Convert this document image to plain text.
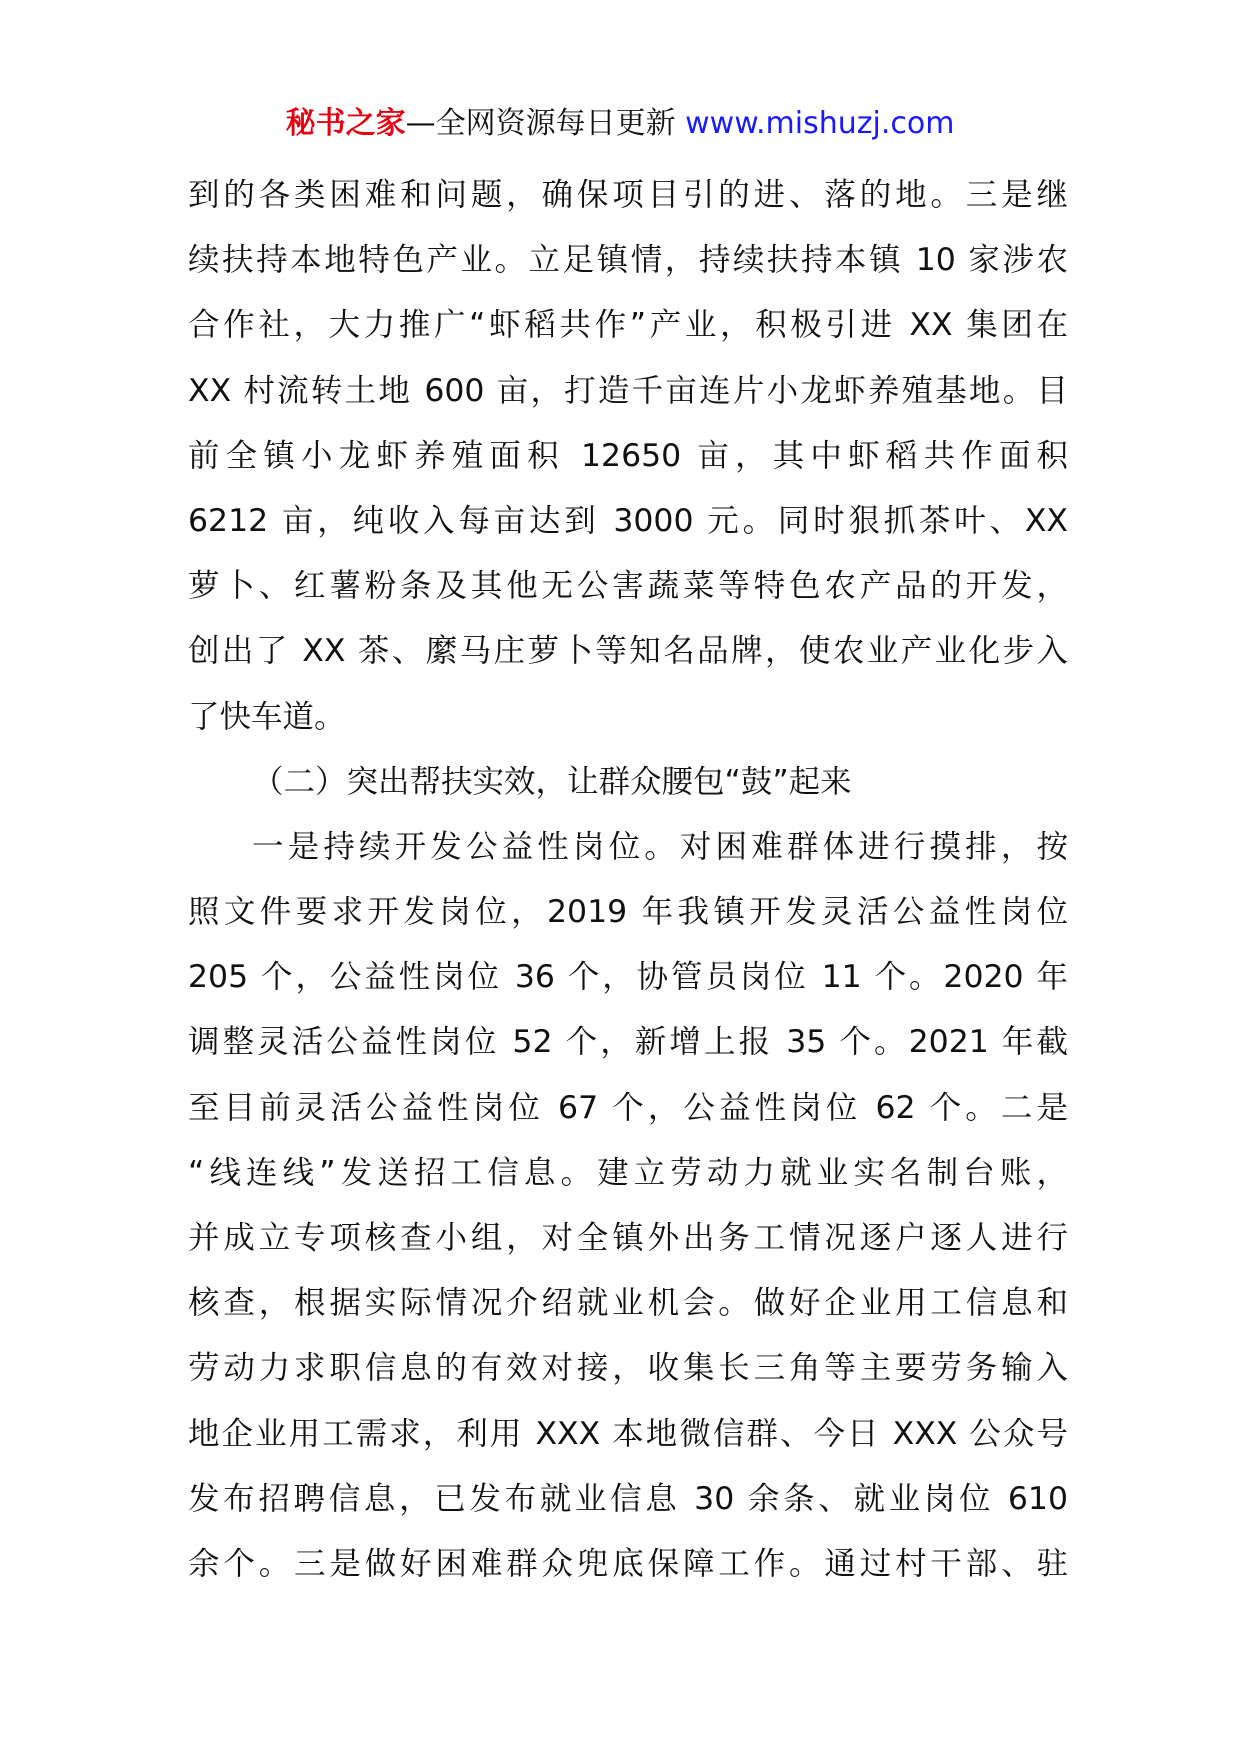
秘书之家—全网资源每日更新 www.mishuzj.com
到的各类困难和问题，确保项目引的进、落的地。三是继
续扶持本地特色产业。立足镇情，持续扶持本镇 10 家涉农
合作社，大力推广“虾稻共作”产业，积极引进 XX 集团在
XX 村流转土地 600 亩，打造千亩连片小龙虾养殖基地。目
前全镇小龙虾养殖面积 12650 亩，其中虾稻共作面积
6212 亩，纯收入每亩达到 3000 元。同时狠抓茶叶、XX
萝卜、红薯粉条及其他无公害蔬菜等特色农产品的开发，
创出了 XX 茶、縻马庄萝卜等知名品牌，使农业产业化步入
了快车道。
（二）突出帮扶实效，让群众腰包“鼓”起来
一是持续开发公益性岗位。对困难群体进行摸排，按
照文件要求开发岗位，2019 年我镇开发灵活公益性岗位
205 个，公益性岗位 36 个，协管员岗位 11 个。2020 年
调整灵活公益性岗位 52 个，新增上报 35 个。2021 年截
至目前灵活公益性岗位 67 个，公益性岗位 62 个。二是
“线连线”发送招工信息。建立劳动力就业实名制台账，
并成立专项核查小组，对全镇外出务工情况逐户逐人进行
核查，根据实际情况介绍就业机会。做好企业用工信息和
劳动力求职信息的有效对接，收集长三角等主要劳务输入
地企业用工需求，利用 XXX 本地微信群、今日 XXX 公众号
发布招聘信息，已发布就业信息 30 余条、就业岗位 610
余个。三是做好困难群众兜底保障工作。通过村干部、驻
